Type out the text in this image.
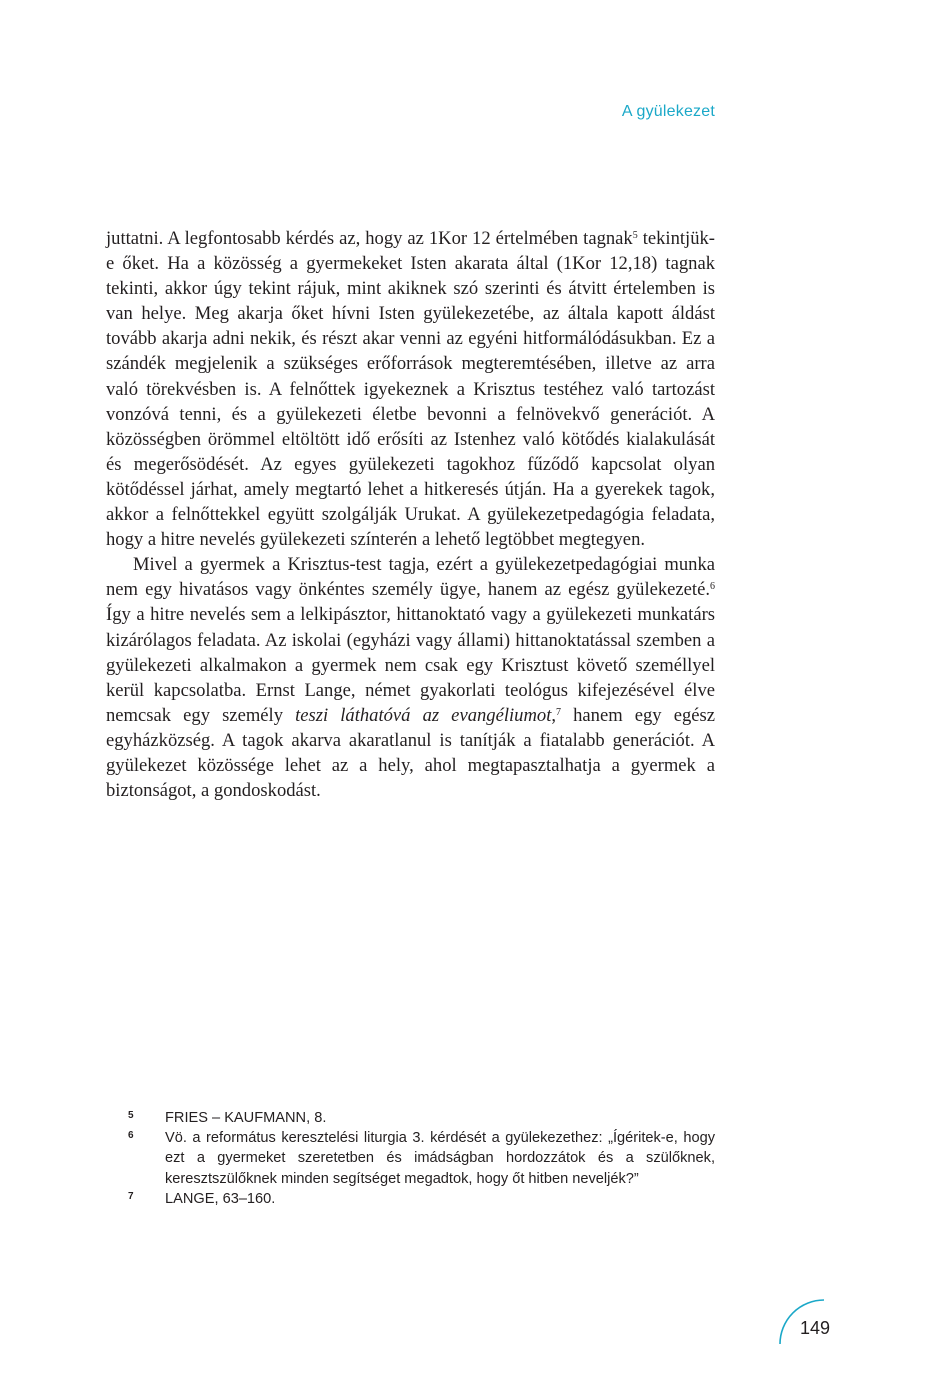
A gyülekezet

juttatni. A legfontosabb kérdés az, hogy az 1Kor 12 értelmében tagnak$^5$ tekintjük-e őket. Ha a közösség a gyermekeket Isten akarata által (1Kor 12,18) tagnak tekinti, akkor úgy tekint rájuk, mint akiknek szó szerinti és átvitt értelemben is van helye. Meg akarja őket hívni Isten gyülekezetébe, az általa kapott áldást tovább akarja adni nekik, és részt akar venni az egyéni hitformálódásukban. Ez a szándék megjelenik a szükséges erőforrások megteremtésében, illetve az arra való törekvésben is. A felnőttek igyekeznek a Krisztus testéhez való tartozást vonzóvá tenni, és a gyülekezeti életbe bevonni a felnövekvő generációt. A közösségben örömmel eltöltött idő erősíti az Istenhez való kötődés kialakulását és megerősödését. Az egyes gyülekezeti tagokhoz fűződő kapcsolat olyan kötődéssel járhat, amely megtartó lehet a hitkeresés útján. Ha a gyerekek tagok, akkor a felnőttekkel együtt szolgálják Urukat. A gyülekezetpedagógia feladata, hogy a hitre nevelés gyülekezeti színterén a lehető legtöbbet megtegyen.

Mivel a gyermek a Krisztus-test tagja, ezért a gyülekezetpedagógiai munka nem egy hivatásos vagy önkéntes személy ügye, hanem az egész gyülekezeté.$^6$ Így a hitre nevelés sem a lelkipásztor, hittanoktató vagy a gyülekezeti munkatárs kizárólagos feladata. Az iskolai (egyházi vagy állami) hittanoktatással szemben a gyülekezeti alkalmakon a gyermek nem csak egy Krisztust követő személlyel kerül kapcsolatba. Ernst Lange, német gyakorlati teológus kifejezésével élve nemcsak egy személy teszi láthatóvá az evangéliumot,$^7$ hanem egy egész egyházközség. A tagok akarva akaratlanul is tanítják a fiatalabb generációt. A gyülekezet közössége lehet az a hely, ahol megtapasztalhatja a gyermek a biztonságot, a gondoskodást.

5	FRIES – KAUFMANN, 8.
6	Vö. a református keresztelési liturgia 3. kérdését a gyülekezethez: „Ígéritek-e, hogy ezt a gyermeket szeretetben és imádságban hordozzátok és a szülőknek, keresztszülőknek minden segítséget megadtok, hogy őt hitben neveljék?”
7	LANGE, 63–160.
149
